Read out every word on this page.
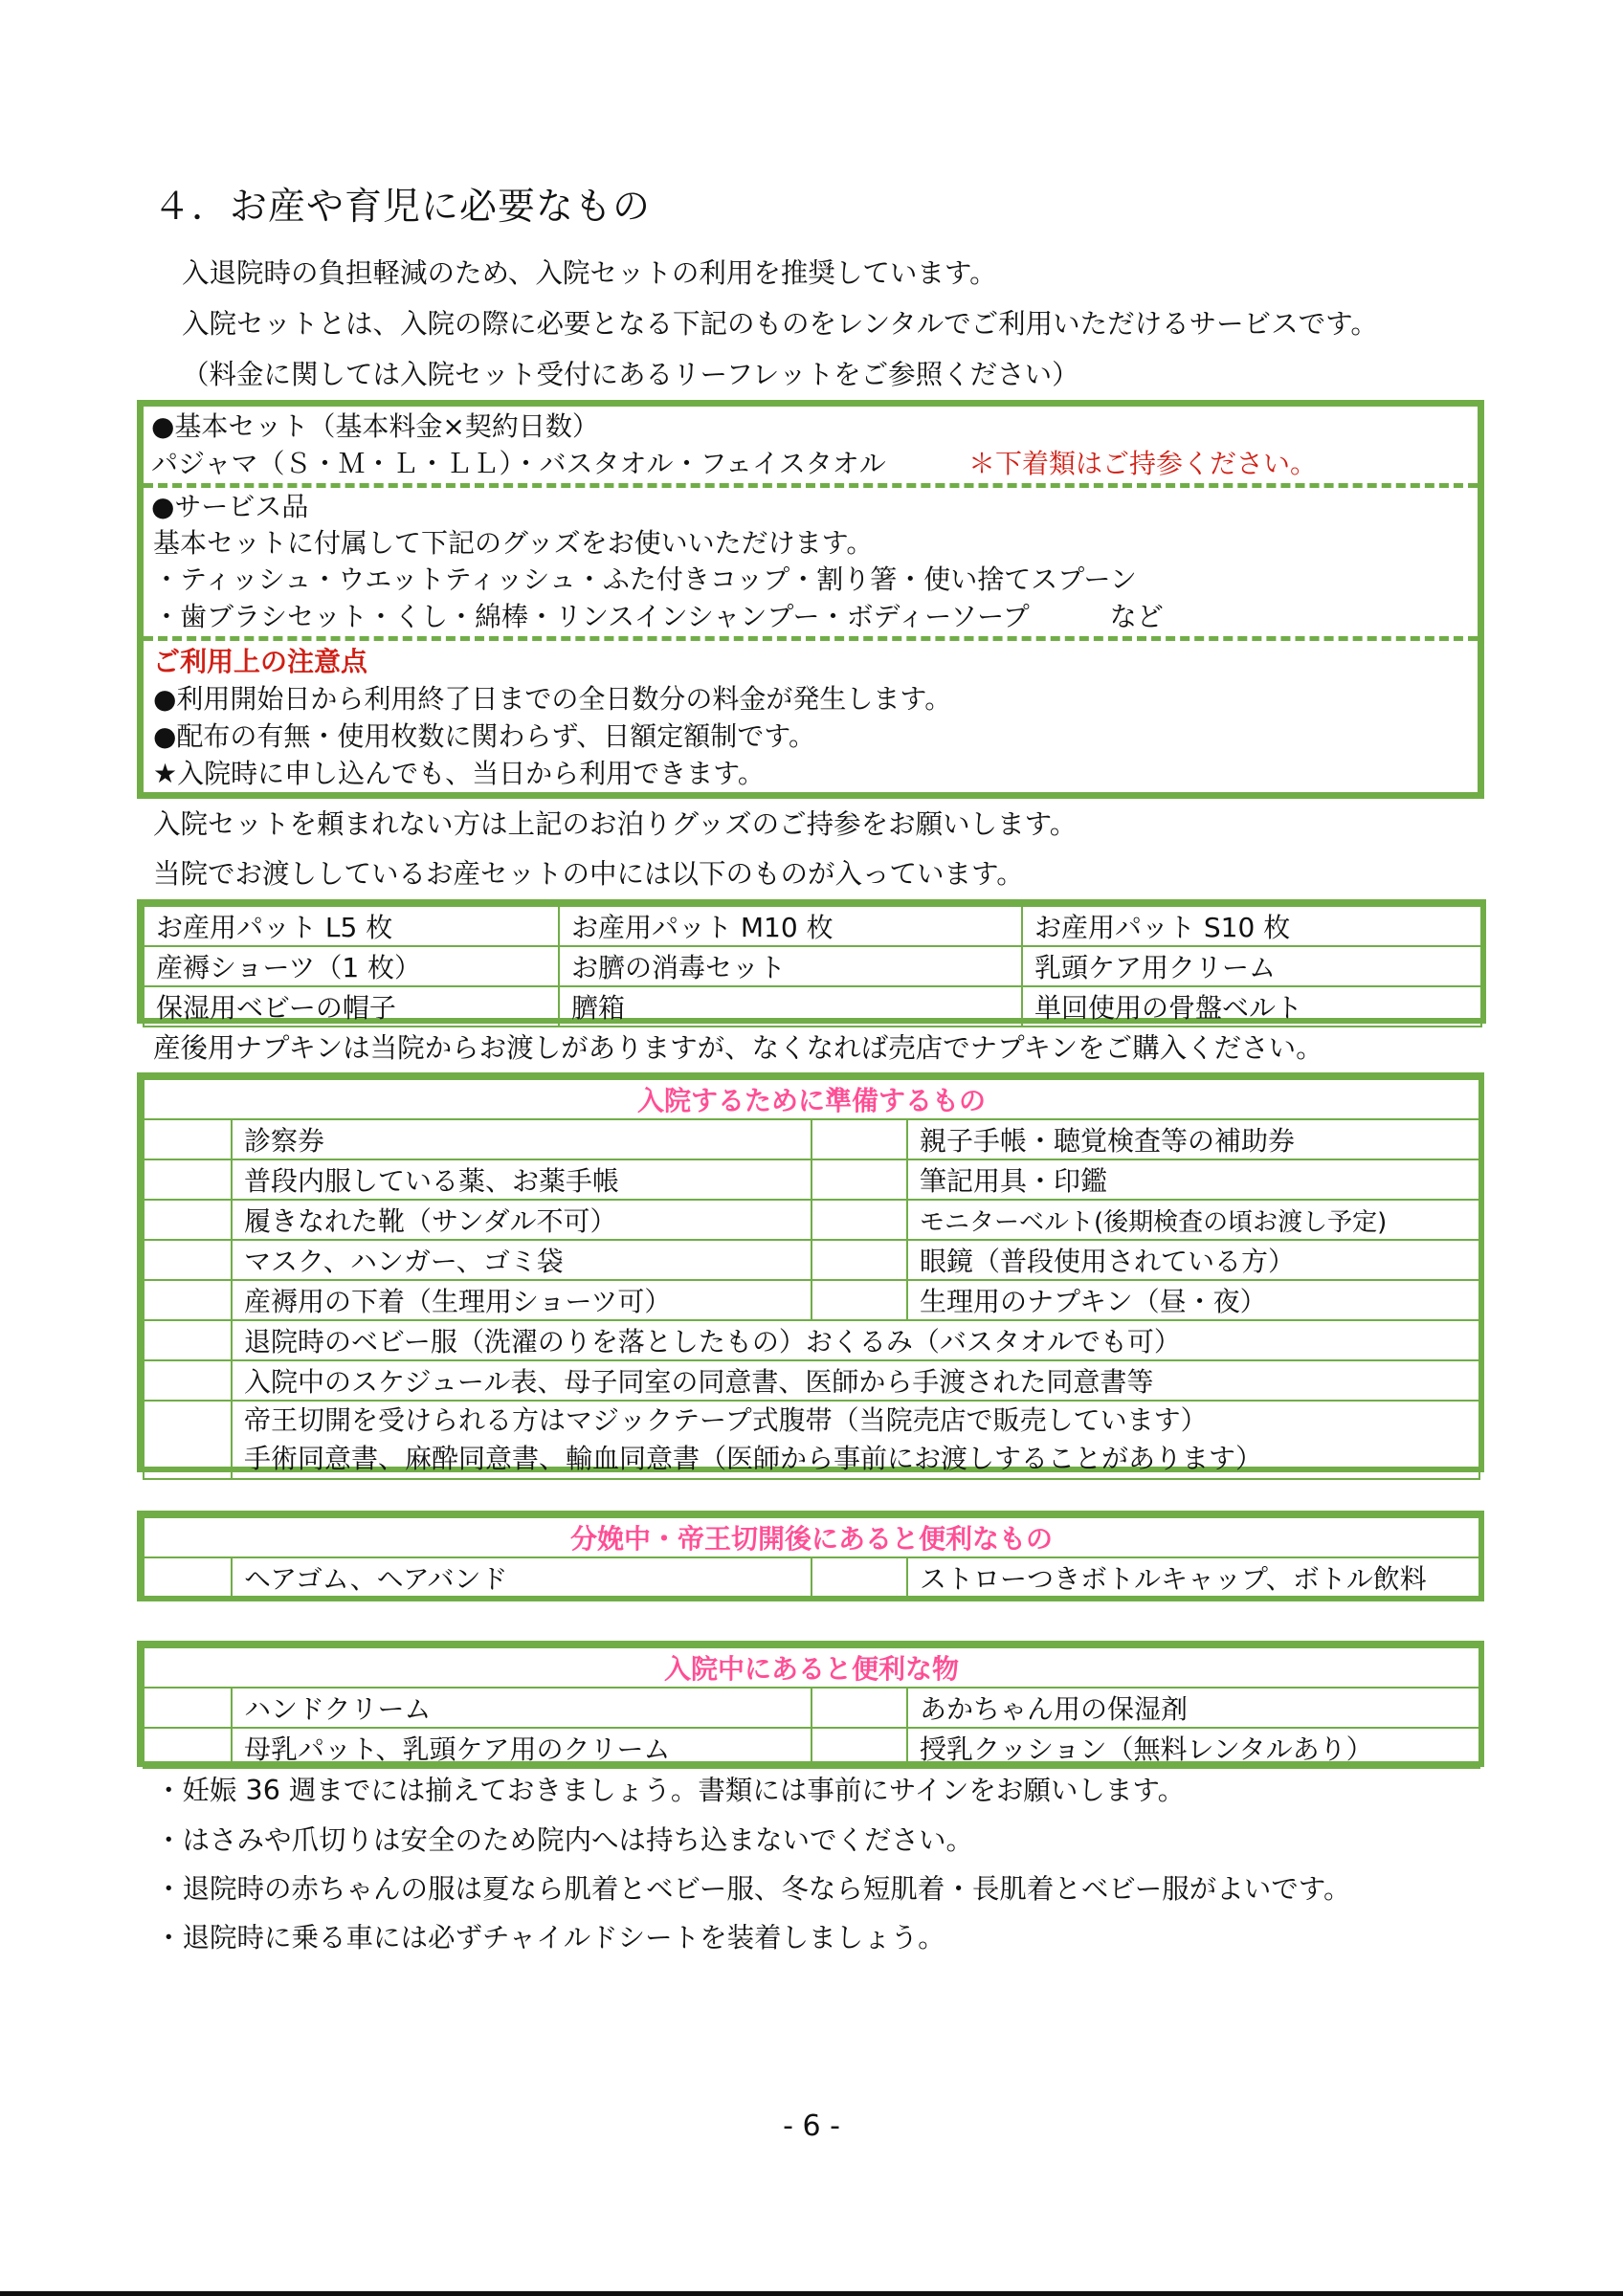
４．お産や育児に必要なもの
入退院時の負担軽減のため、入院セットの利用を推奨しています。
入院セットとは、入院の際に必要となる下記のものをレンタルでご利用いただけるサービスです。
（料金に関しては入院セット受付にあるリーフレットをご参照ください）
●基本セット（基本料金×契約日数）
パジャマ（Ｓ・Ｍ・Ｌ・ＬＬ）・バスタオル・フェイスタオル	＊下着類はご持参ください。
●サービス品
基本セットに付属して下記のグッズをお使いいただけます。
・ティッシュ・ウエットティッシュ・ふた付きコップ・割り箸・使い捨てスプーン
・歯ブラシセット・くし・綿棒・リンスインシャンプー・ボディーソープ　　　など
ご利用上の注意点
●利用開始日から利用終了日までの全日数分の料金が発生します。
●配布の有無・使用枚数に関わらず、日額定額制です。
★入院時に申し込んでも、当日から利用できます。
入院セットを頼まれない方は上記のお泊りグッズのご持参をお願いします。
当院でお渡ししているお産セットの中には以下のものが入っています。
お産用パット L5 枚	お産用パット M10 枚	お産用パット S10 枚
産褥ショーツ（1 枚）	お臍の消毒セット	乳頭ケア用クリーム
保湿用ベビーの帽子	臍箱	単回使用の骨盤ベルト
産後用ナプキンは当院からお渡しがありますが、なくなれば売店でナプキンをご購入ください。
入院するために準備するもの			
	診察券		親子手帳・聴覚検査等の補助券
	普段内服している薬、お薬手帳		筆記用具・印鑑
	履きなれた靴（サンダル不可）		モニターベルト(後期検査の頃お渡し予定)
	マスク、ハンガー、ゴミ袋		眼鏡（普段使用されている方）
	産褥用の下着（生理用ショーツ可）		生理用のナプキン（昼・夜）
	退院時のベビー服（洗濯のりを落としたもの）おくるみ（バスタオルでも可）		
	入院中のスケジュール表、母子同室の同意書、医師から手渡された同意書等		

	帝王切開を受けられる方はマジックテープ式腹帯（当院売店で販売しています）
手術同意書、麻酔同意書、輸血同意書（医師から事前にお渡しすることがあります）		
分娩中・帝王切開後にあると便利なもの
	ヘアゴム、ヘアバンド		ストローつきボトルキャップ、ボトル飲料
入院中にあると便利な物			
	ハンドクリーム		あかちゃん用の保湿剤
	母乳パット、乳頭ケア用のクリーム		授乳クッション（無料レンタルあり）
・妊娠 36 週までには揃えておきましょう。書類には事前にサインをお願いします。
・はさみや爪切りは安全のため院内へは持ち込まないでください。
・退院時の赤ちゃんの服は夏なら肌着とベビー服、冬なら短肌着・長肌着とベビー服がよいです。
・退院時に乗る車には必ずチャイルドシートを装着しましょう。
- 6 -
